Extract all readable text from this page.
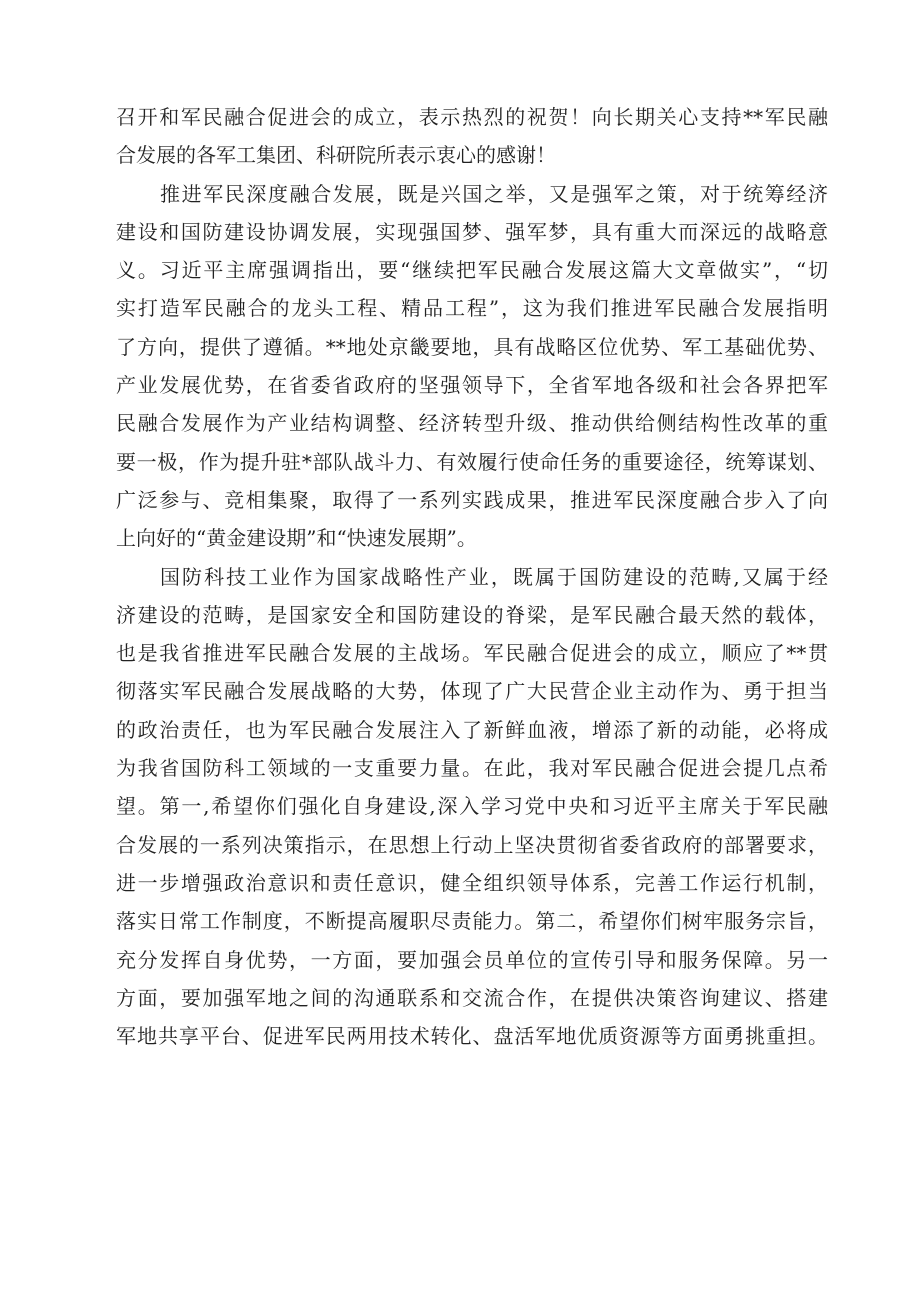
召开和军民融合促进会的成立，表示热烈的祝贺！向长期关心支持**军民融
合发展的各军工集团、科研院所表示衷心的感谢！
推进军民深度融合发展，既是兴国之举，又是强军之策，对于统筹经济
建设和国防建设协调发展，实现强国梦、强军梦，具有重大而深远的战略意
义。习近平主席强调指出，要“继续把军民融合发展这篇大文章做实”，“切
实打造军民融合的龙头工程、精品工程”，这为我们推进军民融合发展指明
了方向，提供了遵循。**地处京畿要地，具有战略区位优势、军工基础优势、
产业发展优势，在省委省政府的坚强领导下，全省军地各级和社会各界把军
民融合发展作为产业结构调整、经济转型升级、推动供给侧结构性改革的重
要一极，作为提升驻*部队战斗力、有效履行使命任务的重要途径，统筹谋划、
广泛参与、竞相集聚，取得了一系列实践成果，推进军民深度融合步入了向
上向好的“黄金建设期”和“快速发展期”。
国防科技工业作为国家战略性产业，既属于国防建设的范畴,又属于经
济建设的范畴，是国家安全和国防建设的脊梁，是军民融合最天然的载体，
也是我省推进军民融合发展的主战场。军民融合促进会的成立，顺应了**贯
彻落实军民融合发展战略的大势，体现了广大民营企业主动作为、勇于担当
的政治责任，也为军民融合发展注入了新鲜血液，增添了新的动能，必将成
为我省国防科工领域的一支重要力量。在此，我对军民融合促进会提几点希
望。第一,希望你们强化自身建设,深入学习党中央和习近平主席关于军民融
合发展的一系列决策指示，在思想上行动上坚决贯彻省委省政府的部署要求，
进一步增强政治意识和责任意识，健全组织领导体系，完善工作运行机制，
落实日常工作制度，不断提高履职尽责能力。第二，希望你们树牢服务宗旨，
充分发挥自身优势，一方面，要加强会员单位的宣传引导和服务保障。另一
方面，要加强军地之间的沟通联系和交流合作，在提供决策咨询建议、搭建
军地共享平台、促进军民两用技术转化、盘活军地优质资源等方面勇挑重担。
